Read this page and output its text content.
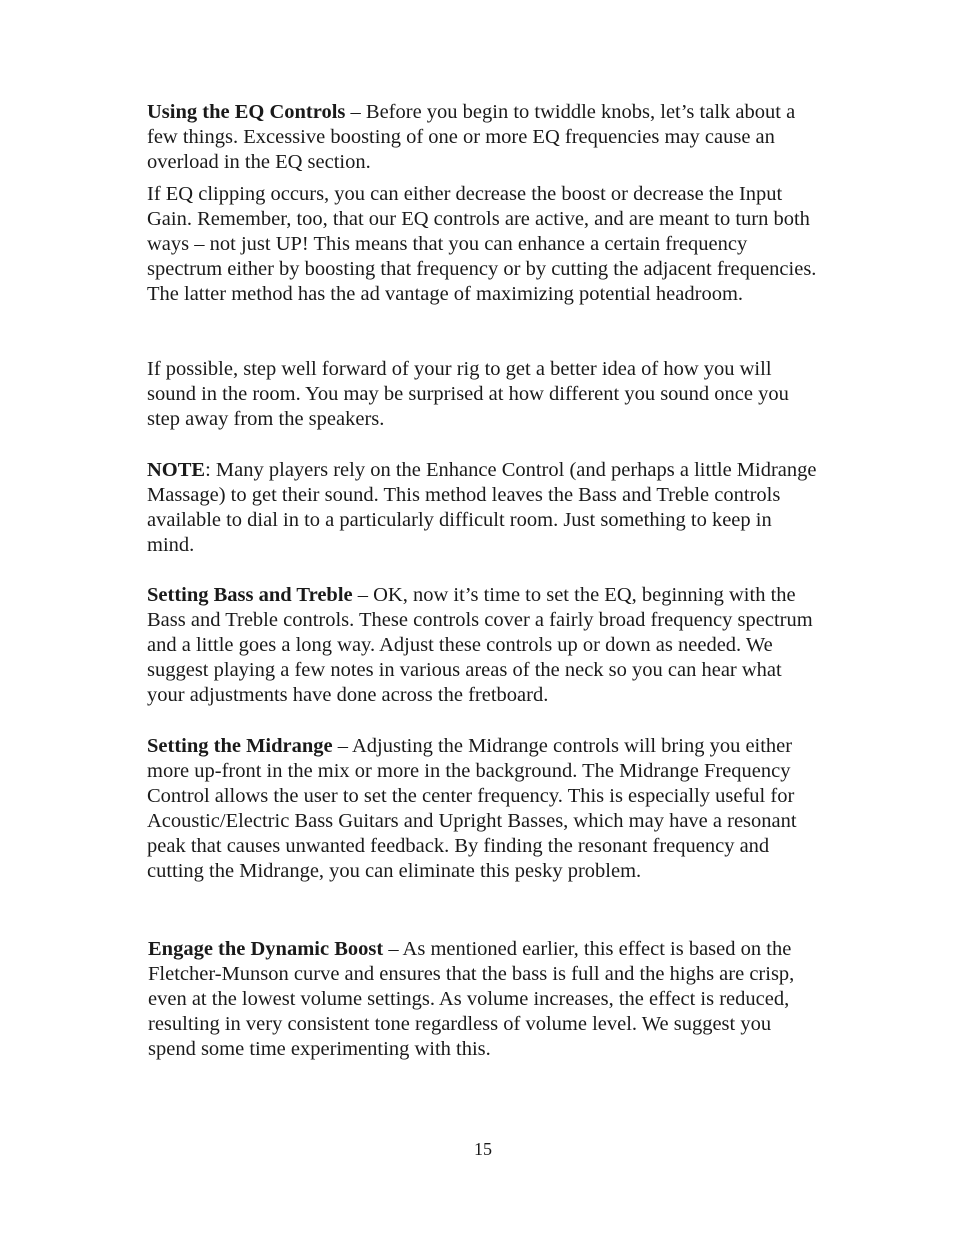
Using the EQ Controls – Before you begin to twiddle knobs, let’s talk about a few things. Excessive boosting of one or more EQ frequencies may cause an overload in the EQ section.

If EQ clipping occurs, you can either decrease the boost or decrease the Input Gain. Remember, too, that our EQ controls are active, and are meant to turn both ways – not just UP! This means that you can enhance a certain frequency spectrum either by boosting that frequency or by cutting the adjacent frequencies. The latter method has the ad vantage of maximizing potential headroom.

If possible, step well forward of your rig to get a better idea of how you will sound in the room. You may be surprised at how different you sound once you step away from the speakers.

NOTE: Many players rely on the Enhance Control (and perhaps a little Midrange Massage) to get their sound. This method leaves the Bass and Treble controls available to dial in to a particularly difficult room. Just something to keep in mind.

Setting Bass and Treble – OK, now it’s time to set the EQ, beginning with the Bass and Treble controls. These controls cover a fairly broad frequency spectrum and a little goes a long way. Adjust these controls up or down as needed. We suggest playing a few notes in various areas of the neck so you can hear what your adjustments have done across the fretboard.

Setting the Midrange – Adjusting the Midrange controls will bring you either more up-front in the mix or more in the background. The Midrange Frequency Control allows the user to set the center frequency. This is especially useful for Acoustic/Electric Bass Guitars and Upright Basses, which may have a resonant peak that causes unwanted feedback. By finding the resonant frequency and cutting the Midrange, you can eliminate this pesky problem.

Engage the Dynamic Boost – As mentioned earlier, this effect is based on the Fletcher-Munson curve and ensures that the bass is full and the highs are crisp, even at the lowest volume settings. As volume increases, the effect is reduced, resulting in very consistent tone regardless of volume level. We suggest you spend some time experimenting with this.

15
